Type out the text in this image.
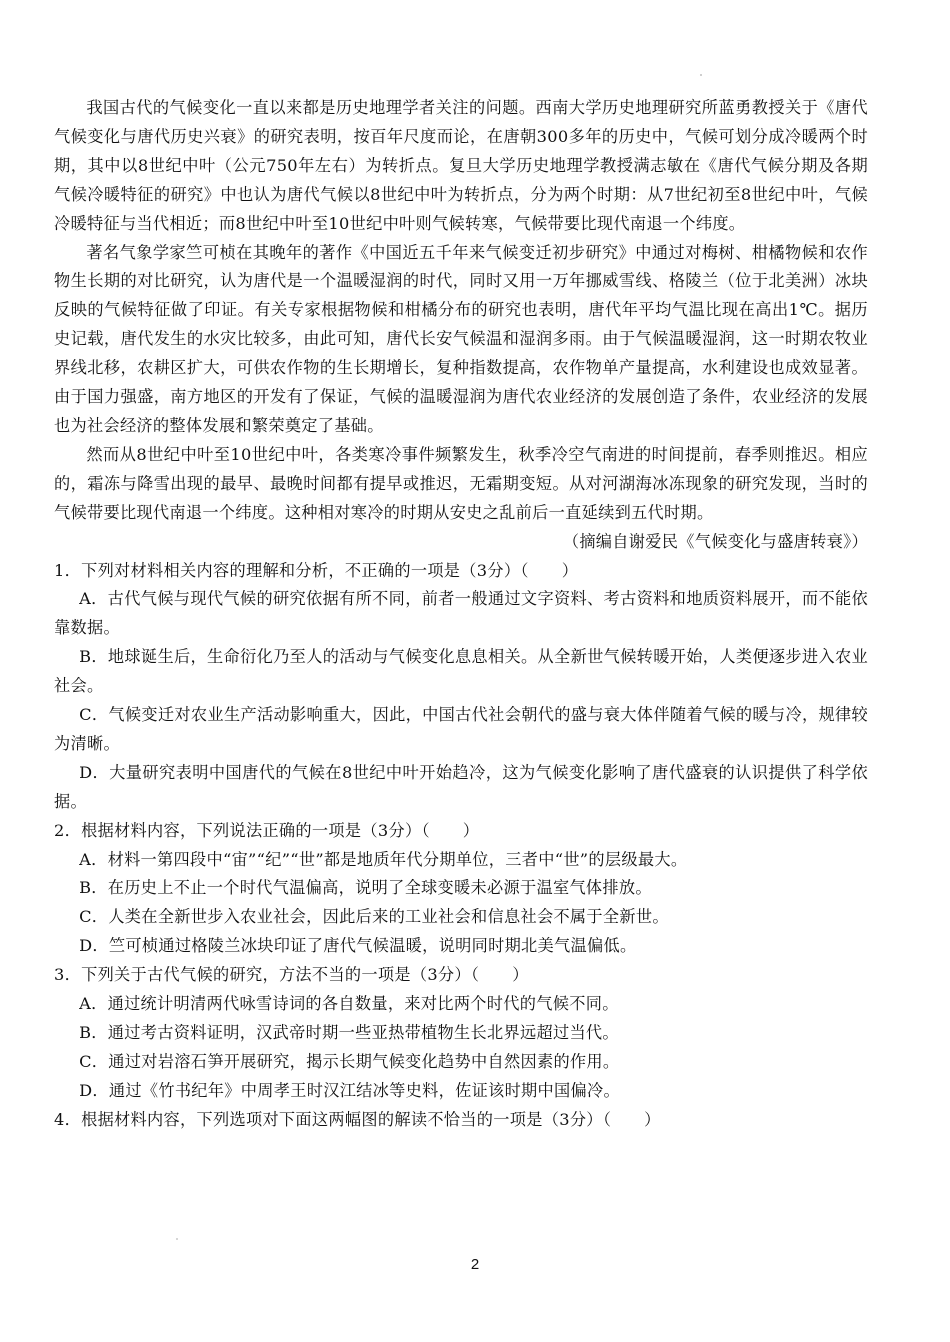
我国古代的气候变化一直以来都是历史地理学者关注的问题。西南大学历史地理研究所蓝勇教授关于《唐代气候变化与唐代历史兴衰》的研究表明，按百年尺度而论，在唐朝300多年的历史中，气候可划分成冷暖两个时期，其中以8世纪中叶（公元750年左右）为转折点。复旦大学历史地理学教授满志敏在《唐代气候分期及各期气候冷暖特征的研究》中也认为唐代气候以8世纪中叶为转折点，分为两个时期：从7世纪初至8世纪中叶，气候冷暖特征与当代相近；而8世纪中叶至10世纪中叶则气候转寒，气候带要比现代南退一个纬度。

著名气象学家竺可桢在其晚年的著作《中国近五千年来气候变迁初步研究》中通过对梅树、柑橘物候和农作物生长期的对比研究，认为唐代是一个温暖湿润的时代，同时又用一万年挪威雪线、格陵兰（位于北美洲）冰块反映的气候特征做了印证。有关专家根据物候和柑橘分布的研究也表明，唐代年平均气温比现在高出1℃。据历史记载，唐代发生的水灾比较多，由此可知，唐代长安气候温和湿润多雨。由于气候温暖湿润，这一时期农牧业界线北移，农耕区扩大，可供农作物的生长期增长，复种指数提高，农作物单产量提高，水利建设也成效显著。由于国力强盛，南方地区的开发有了保证，气候的温暖湿润为唐代农业经济的发展创造了条件，农业经济的发展也为社会经济的整体发展和繁荣奠定了基础。

然而从8世纪中叶至10世纪中叶，各类寒冷事件频繁发生，秋季冷空气南进的时间提前，春季则推迟。相应的，霜冻与降雪出现的最早、最晚时间都有提早或推迟，无霜期变短。从对河湖海冰冻现象的研究发现，当时的气候带要比现代南退一个纬度。这种相对寒冷的时期从安史之乱前后一直延续到五代时期。

（摘编自谢爱民《气候变化与盛唐转衰》）

1．下列对材料相关内容的理解和分析，不正确的一项是（3分）（　　）

A．古代气候与现代气候的研究依据有所不同，前者一般通过文字资料、考古资料和地质资料展开，而不能依靠数据。

B．地球诞生后，生命衍化乃至人的活动与气候变化息息相关。从全新世气候转暖开始，人类便逐步进入农业社会。

C．气候变迁对农业生产活动影响重大，因此，中国古代社会朝代的盛与衰大体伴随着气候的暖与冷，规律较为清晰。

D．大量研究表明中国唐代的气候在8世纪中叶开始趋冷，这为气候变化影响了唐代盛衰的认识提供了科学依据。

2．根据材料内容，下列说法正确的一项是（3分）（　　）

A．材料一第四段中“宙”“纪”“世”都是地质年代分期单位，三者中“世”的层级最大。

B．在历史上不止一个时代气温偏高，说明了全球变暖未必源于温室气体排放。

C．人类在全新世步入农业社会，因此后来的工业社会和信息社会不属于全新世。

D．竺可桢通过格陵兰冰块印证了唐代气候温暖，说明同时期北美气温偏低。

3．下列关于古代气候的研究，方法不当的一项是（3分）（　　）

A．通过统计明清两代咏雪诗词的各自数量，来对比两个时代的气候不同。

B．通过考古资料证明，汉武帝时期一些亚热带植物生长北界远超过当代。

C．通过对岩溶石笋开展研究，揭示长期气候变化趋势中自然因素的作用。

D．通过《竹书纪年》中周孝王时汉江结冰等史料，佐证该时期中国偏冷。

4．根据材料内容，下列选项对下面这两幅图的解读不恰当的一项是（3分）（　　）

2
